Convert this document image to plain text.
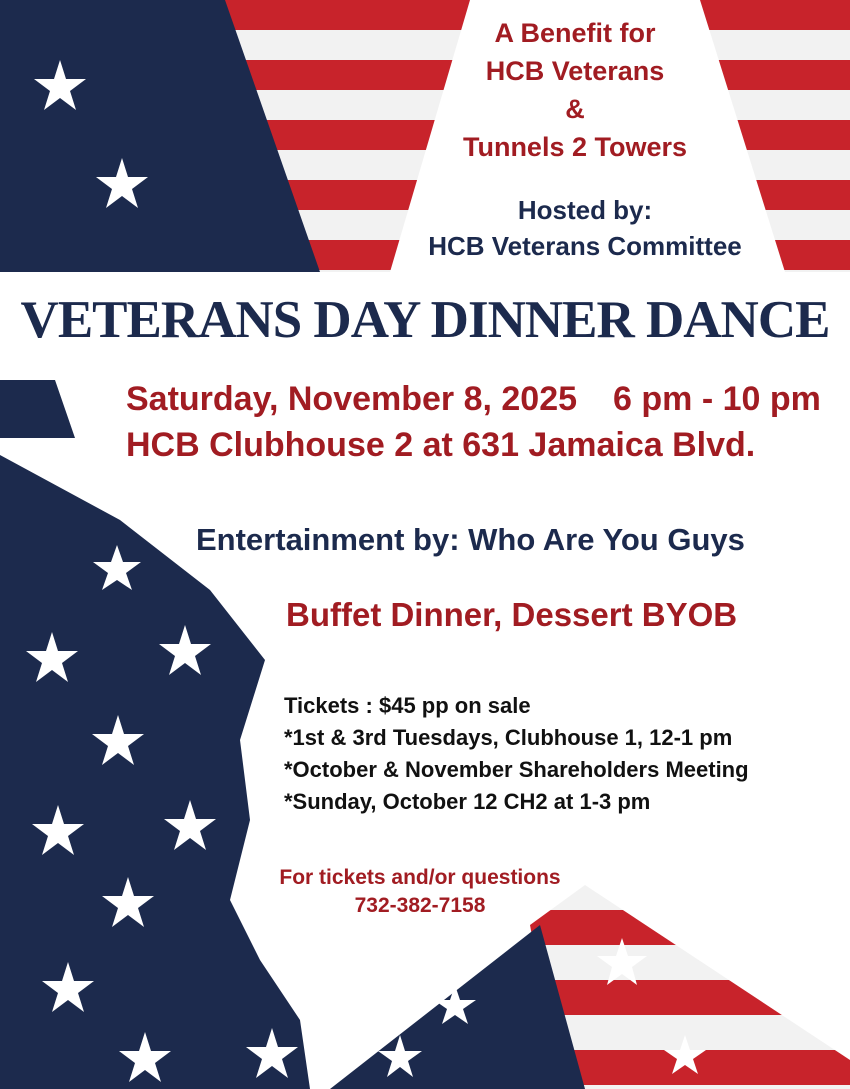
A Benefit for
HCB Veterans
&
Tunnels 2 Towers
Hosted by:
HCB Veterans Committee
VETERANS DAY DINNER DANCE
Saturday, November 8, 2025 6 pm - 10 pm
HCB Clubhouse 2 at 631 Jamaica Blvd.
Entertainment by: Who Are You Guys
Buffet Dinner, Dessert BYOB
Tickets : $45 pp on sale
*1st & 3rd Tuesdays, Clubhouse 1, 12-1 pm
*October & November Shareholders Meeting
*Sunday, October 12 CH2 at 1-3 pm
For tickets and/or questions
732-382-7158
